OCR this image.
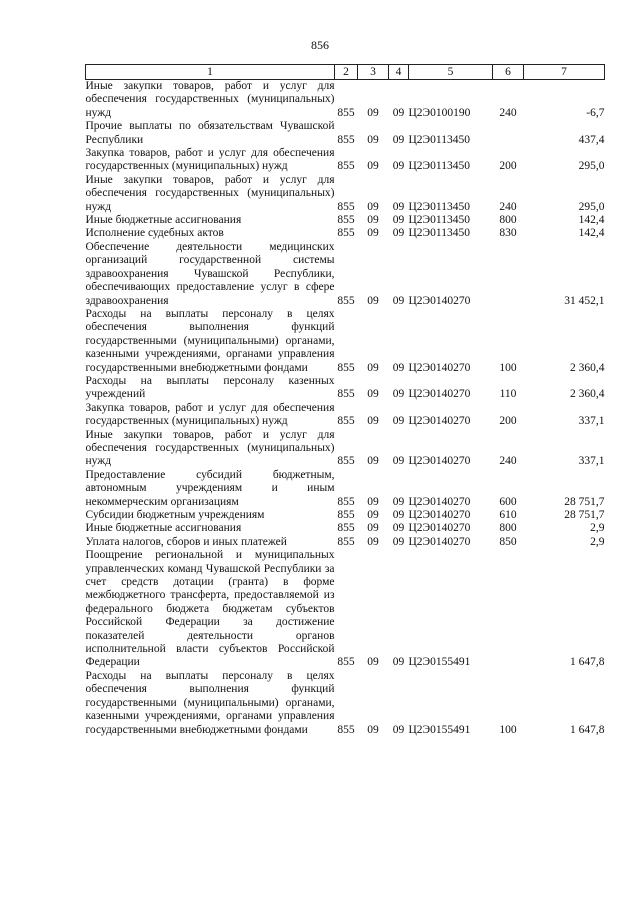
856
1	2	3	4	5	6	7
Иные закупки товаров, работ и услуг для обеспечения государственных (муниципальных) нужд	855	09	09	Ц2Э0100190	240	-6,7
Прочие выплаты по обязательствам Чувашской Республики	855	09	09	Ц2Э0113450		437,4
Закупка товаров, работ и услуг для обеспечения государственных (муниципальных) нужд	855	09	09	Ц2Э0113450	200	295,0
Иные закупки товаров, работ и услуг для обеспечения государственных (муниципальных) нужд	855	09	09	Ц2Э0113450	240	295,0
Иные бюджетные ассигнования	855	09	09	Ц2Э0113450	800	142,4
Исполнение судебных актов	855	09	09	Ц2Э0113450	830	142,4
Обеспечение деятельности медицинских организаций государственной системы здравоохранения Чувашской Республики, обеспечивающих предоставление услуг в сфере здравоохранения	855	09	09	Ц2Э0140270		31 452,1
Расходы на выплаты персоналу в целях обеспечения выполнения функций государственными (муниципальными) органами, казенными учреждениями, органами управления государственными внебюджетными фондами	855	09	09	Ц2Э0140270	100	2 360,4
Расходы на выплаты персоналу казенных учреждений	855	09	09	Ц2Э0140270	110	2 360,4
Закупка товаров, работ и услуг для обеспечения государственных (муниципальных) нужд	855	09	09	Ц2Э0140270	200	337,1
Иные закупки товаров, работ и услуг для обеспечения государственных (муниципальных) нужд	855	09	09	Ц2Э0140270	240	337,1
Предоставление субсидий бюджетным, автономным учреждениям и иным некоммерческим организациям	855	09	09	Ц2Э0140270	600	28 751,7
Субсидии бюджетным учреждениям	855	09	09	Ц2Э0140270	610	28 751,7
Иные бюджетные ассигнования	855	09	09	Ц2Э0140270	800	2,9
Уплата налогов, сборов и иных платежей	855	09	09	Ц2Э0140270	850	2,9
Поощрение региональной и муниципальных управленческих команд Чувашской Республики за счет средств дотации (гранта) в форме межбюджетного трансферта, предоставляемой из федерального бюджета бюджетам субъектов Российской Федерации за достижение показателей деятельности органов исполнительной власти субъектов Российской Федерации	855	09	09	Ц2Э0155491		1 647,8
Расходы на выплаты персоналу в целях обеспечения выполнения функций государственными (муниципальными) органами, казенными учреждениями, органами управления государственными внебюджетными фондами	855	09	09	Ц2Э0155491	100	1 647,8
